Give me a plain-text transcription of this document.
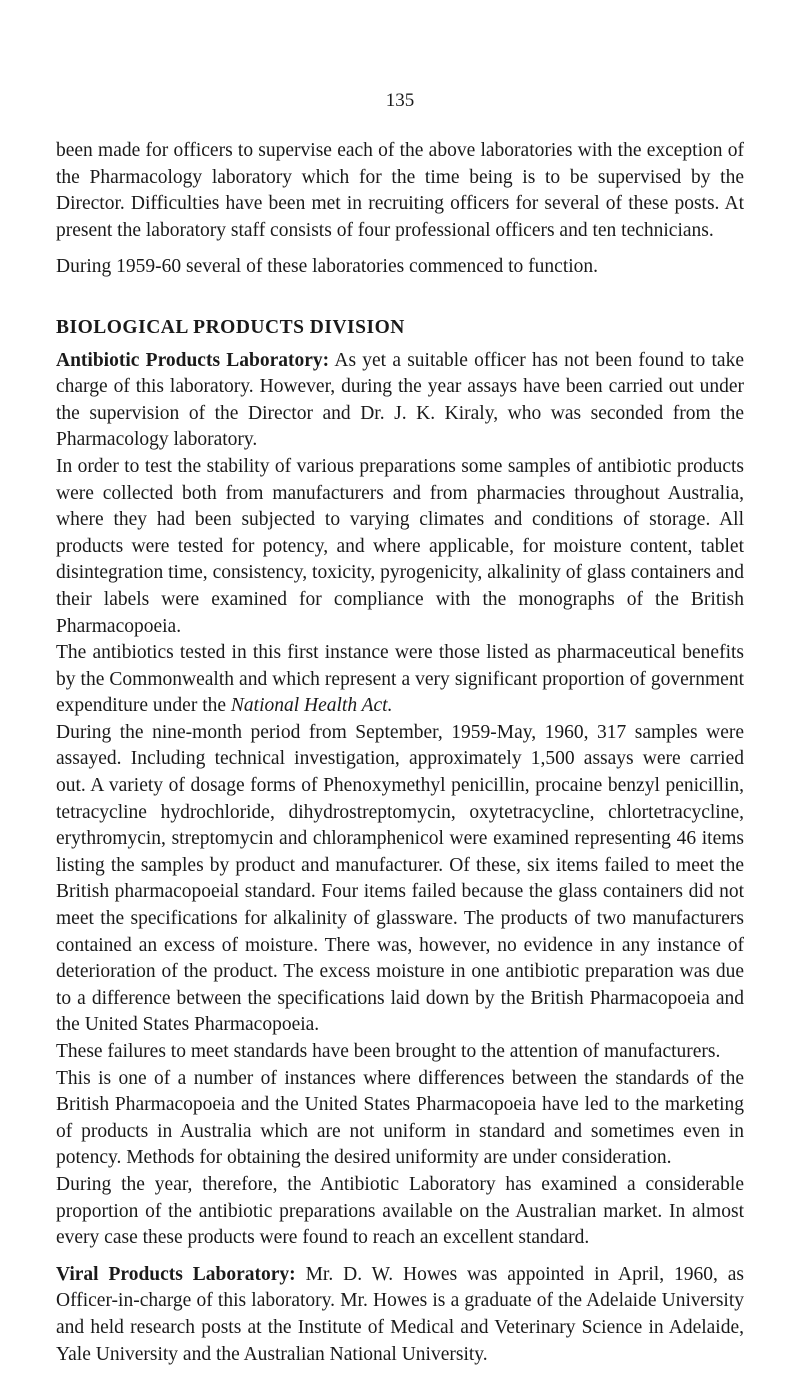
135

been made for officers to supervise each of the above laboratories with the exception of the Pharmacology laboratory which for the time being is to be supervised by the Director. Difficulties have been met in recruiting officers for several of these posts. At present the laboratory staff consists of four professional officers and ten technicians.

During 1959-60 several of these laboratories commenced to function.

BIOLOGICAL PRODUCTS DIVISION

Antibiotic Products Laboratory: As yet a suitable officer has not been found to take charge of this laboratory. However, during the year assays have been carried out under the supervision of the Director and Dr. J. K. Kiraly, who was seconded from the Pharmacology laboratory.

In order to test the stability of various preparations some samples of antibiotic products were collected both from manufacturers and from pharmacies throughout Australia, where they had been subjected to varying climates and conditions of storage. All products were tested for potency, and where applicable, for moisture content, tablet disintegration time, consistency, toxicity, pyrogenicity, alkalinity of glass containers and their labels were examined for compliance with the monographs of the British Pharmacopoeia.

The antibiotics tested in this first instance were those listed as pharmaceutical benefits by the Commonwealth and which represent a very significant proportion of government expenditure under the National Health Act.

During the nine-month period from September, 1959-May, 1960, 317 samples were assayed. Including technical investigation, approximately 1,500 assays were carried out. A variety of dosage forms of Phenoxymethyl penicillin, procaine benzyl penicillin, tetracycline hydrochloride, dihydrostreptomycin, oxytetracycline, chlortetracycline, erythromycin, streptomycin and chloramphenicol were examined representing 46 items listing the samples by product and manufacturer. Of these, six items failed to meet the British pharmacopoeial standard. Four items failed because the glass containers did not meet the specifications for alkalinity of glassware. The products of two manufacturers contained an excess of moisture. There was, however, no evidence in any instance of deterioration of the product. The excess moisture in one antibiotic preparation was due to a difference between the specifications laid down by the British Pharmacopoeia and the United States Pharmacopoeia.

These failures to meet standards have been brought to the attention of manufacturers.

This is one of a number of instances where differences between the standards of the British Pharmacopoeia and the United States Pharmacopoeia have led to the marketing of products in Australia which are not uniform in standard and sometimes even in potency. Methods for obtaining the desired uniformity are under consideration.

During the year, therefore, the Antibiotic Laboratory has examined a considerable proportion of the antibiotic preparations available on the Australian market. In almost every case these products were found to reach an excellent standard.

Viral Products Laboratory: Mr. D. W. Howes was appointed in April, 1960, as Officer-in-charge of this laboratory. Mr. Howes is a graduate of the Adelaide University and held research posts at the Institute of Medical and Veterinary Science in Adelaide, Yale University and the Australian National University.
